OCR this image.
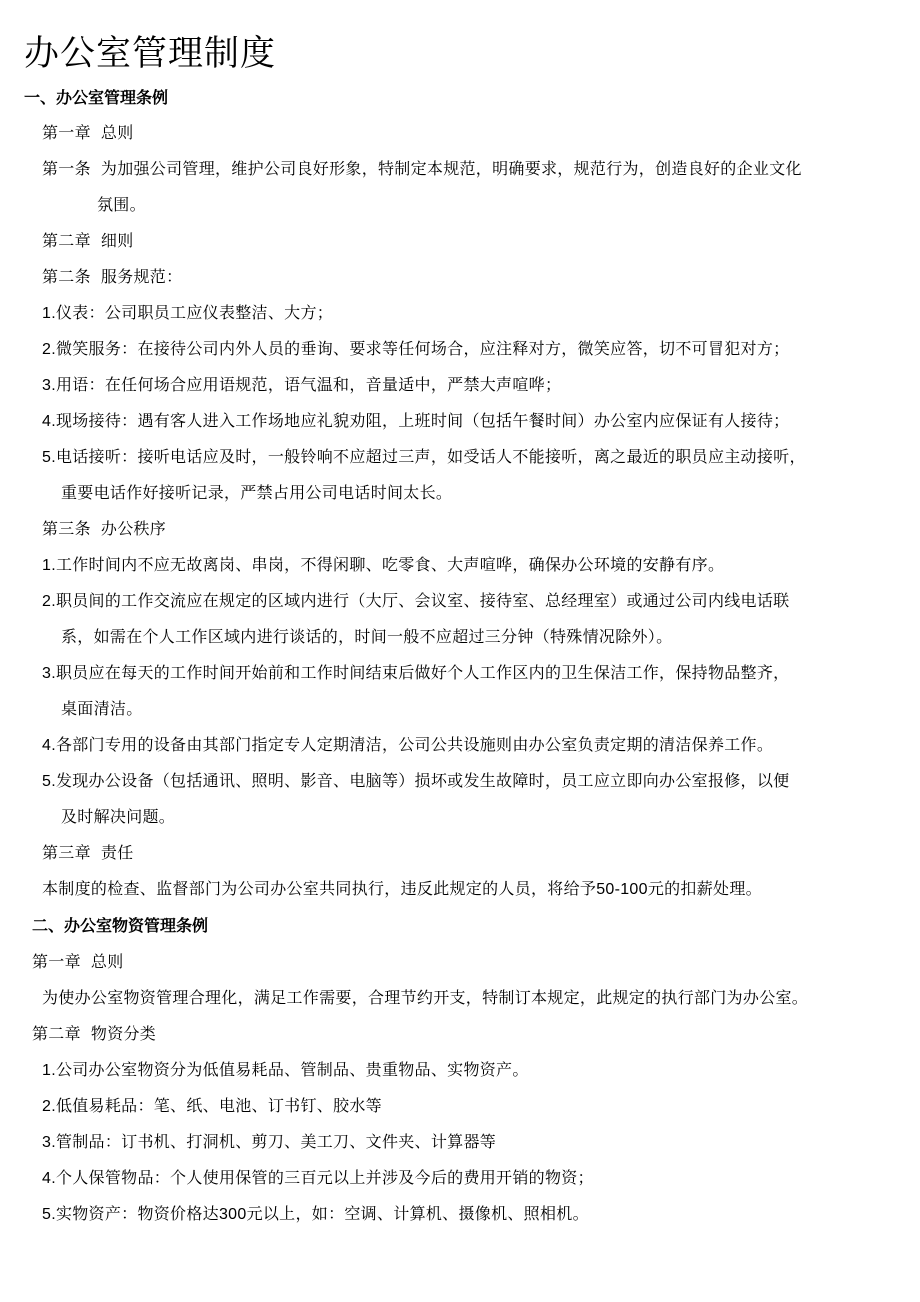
办公室管理制度
一、办公室管理条例
第一章 总则
第一条 为加强公司管理，维护公司良好形象，特制定本规范，明确要求，规范行为，创造良好的企业文化
氛围。
第二章 细则
第二条 服务规范：
1.仪表：公司职员工应仪表整洁、大方；
2.微笑服务：在接待公司内外人员的垂询、要求等任何场合，应注释对方，微笑应答，切不可冒犯对方；
3.用语：在任何场合应用语规范，语气温和，音量适中，严禁大声喧哗；
4.现场接待：遇有客人进入工作场地应礼貌劝阻，上班时间（包括午餐时间）办公室内应保证有人接待；
5.电话接听：接听电话应及时，一般铃响不应超过三声，如受话人不能接听，离之最近的职员应主动接听，
重要电话作好接听记录，严禁占用公司电话时间太长。
第三条 办公秩序
1.工作时间内不应无故离岗、串岗，不得闲聊、吃零食、大声喧哗，确保办公环境的安静有序。
2.职员间的工作交流应在规定的区域内进行（大厅、会议室、接待室、总经理室）或通过公司内线电话联
系，如需在个人工作区域内进行谈话的，时间一般不应超过三分钟（特殊情况除外）。
3.职员应在每天的工作时间开始前和工作时间结束后做好个人工作区内的卫生保洁工作，保持物品整齐，
桌面清洁。
4.各部门专用的设备由其部门指定专人定期清洁，公司公共设施则由办公室负责定期的清洁保养工作。
5.发现办公设备（包括通讯、照明、影音、电脑等）损坏或发生故障时，员工应立即向办公室报修，以便
及时解决问题。
第三章 责任
本制度的检查、监督部门为公司办公室共同执行，违反此规定的人员，将给予50-100元的扣薪处理。
二、办公室物资管理条例
第一章 总则
为使办公室物资管理合理化，满足工作需要，合理节约开支，特制订本规定，此规定的执行部门为办公室。
第二章 物资分类
1.公司办公室物资分为低值易耗品、管制品、贵重物品、实物资产。
2.低值易耗品：笔、纸、电池、订书钉、胶水等
3.管制品：订书机、打洞机、剪刀、美工刀、文件夹、计算器等
4.个人保管物品：个人使用保管的三百元以上并涉及今后的费用开销的物资；
5.实物资产：物资价格达300元以上，如：空调、计算机、摄像机、照相机。
